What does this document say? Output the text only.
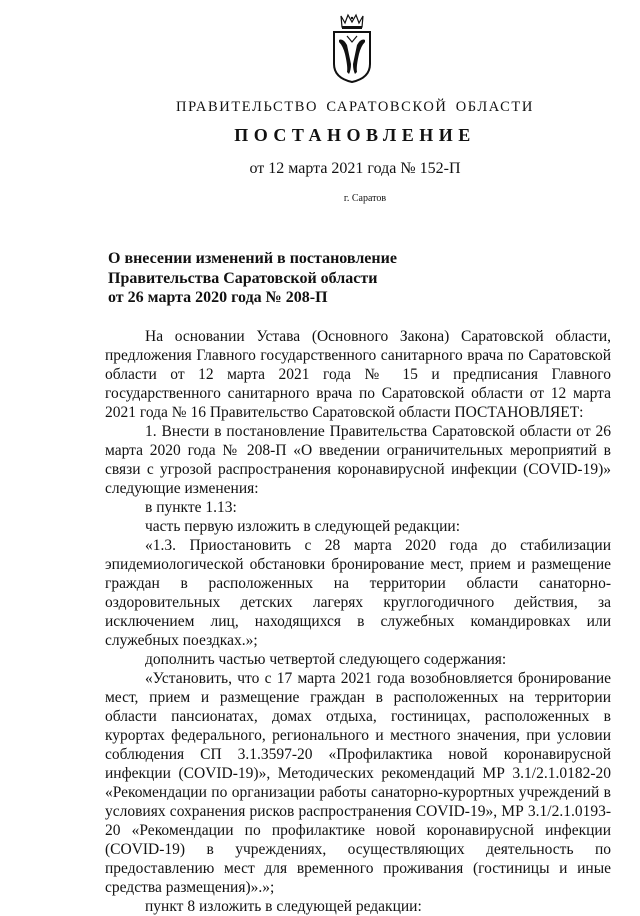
ПРАВИТЕЛЬСТВО САРАТОВСКОЙ ОБЛАСТИ
ПОСТАНОВЛЕНИЕ
от 12 марта 2021 года № 152-П
г. Саратов
О внесении изменений в постановление
Правительства Саратовской области
от 26 марта 2020 года № 208-П

На основании Устава (Основного Закона) Саратовской области, предложения Главного государственного санитарного врача по Саратовской области от 12 марта 2021 года № 15 и предписания Главного государственного санитарного врача по Саратовской области от 12 марта 2021 года № 16 Правительство Саратовской области ПОСТАНОВЛЯЕТ:

1. Внести в постановление Правительства Саратовской области от 26 марта 2020 года № 208-П «О введении ограничительных мероприятий в связи с угрозой распространения коронавирусной инфекции (COVID-19)» следующие изменения:

в пункте 1.13:

часть первую изложить в следующей редакции:

«1.3. Приостановить с 28 марта 2020 года до стабилизации эпидемиологической обстановки бронирование мест, прием и размещение граждан в расположенных на территории области санаторно-оздоровительных детских лагерях круглогодичного действия, за исключением лиц, находящихся в служебных командировках или служебных поездках.»;

дополнить частью четвертой следующего содержания:

«Установить, что с 17 марта 2021 года возобновляется бронирование мест, прием и размещение граждан в расположенных на территории области пансионатах, домах отдыха, гостиницах, расположенных в курортах федерального, регионального и местного значения, при условии соблюдения СП 3.1.3597-20 «Профилактика новой коронавирусной инфекции (COVID-19)», Методических рекомендаций МР 3.1/2.1.0182-20 «Рекомендации по организации работы санаторно-курортных учреждений в условиях сохранения рисков распространения COVID-19», МР 3.1/2.1.0193-20 «Рекомендации по профилактике новой коронавирусной инфекции (COVID-19) в учреждениях, осуществляющих деятельность по предоставлению мест для временного проживания (гостиницы и иные средства размещения)».»;

пункт 8 изложить в следующей редакции:
